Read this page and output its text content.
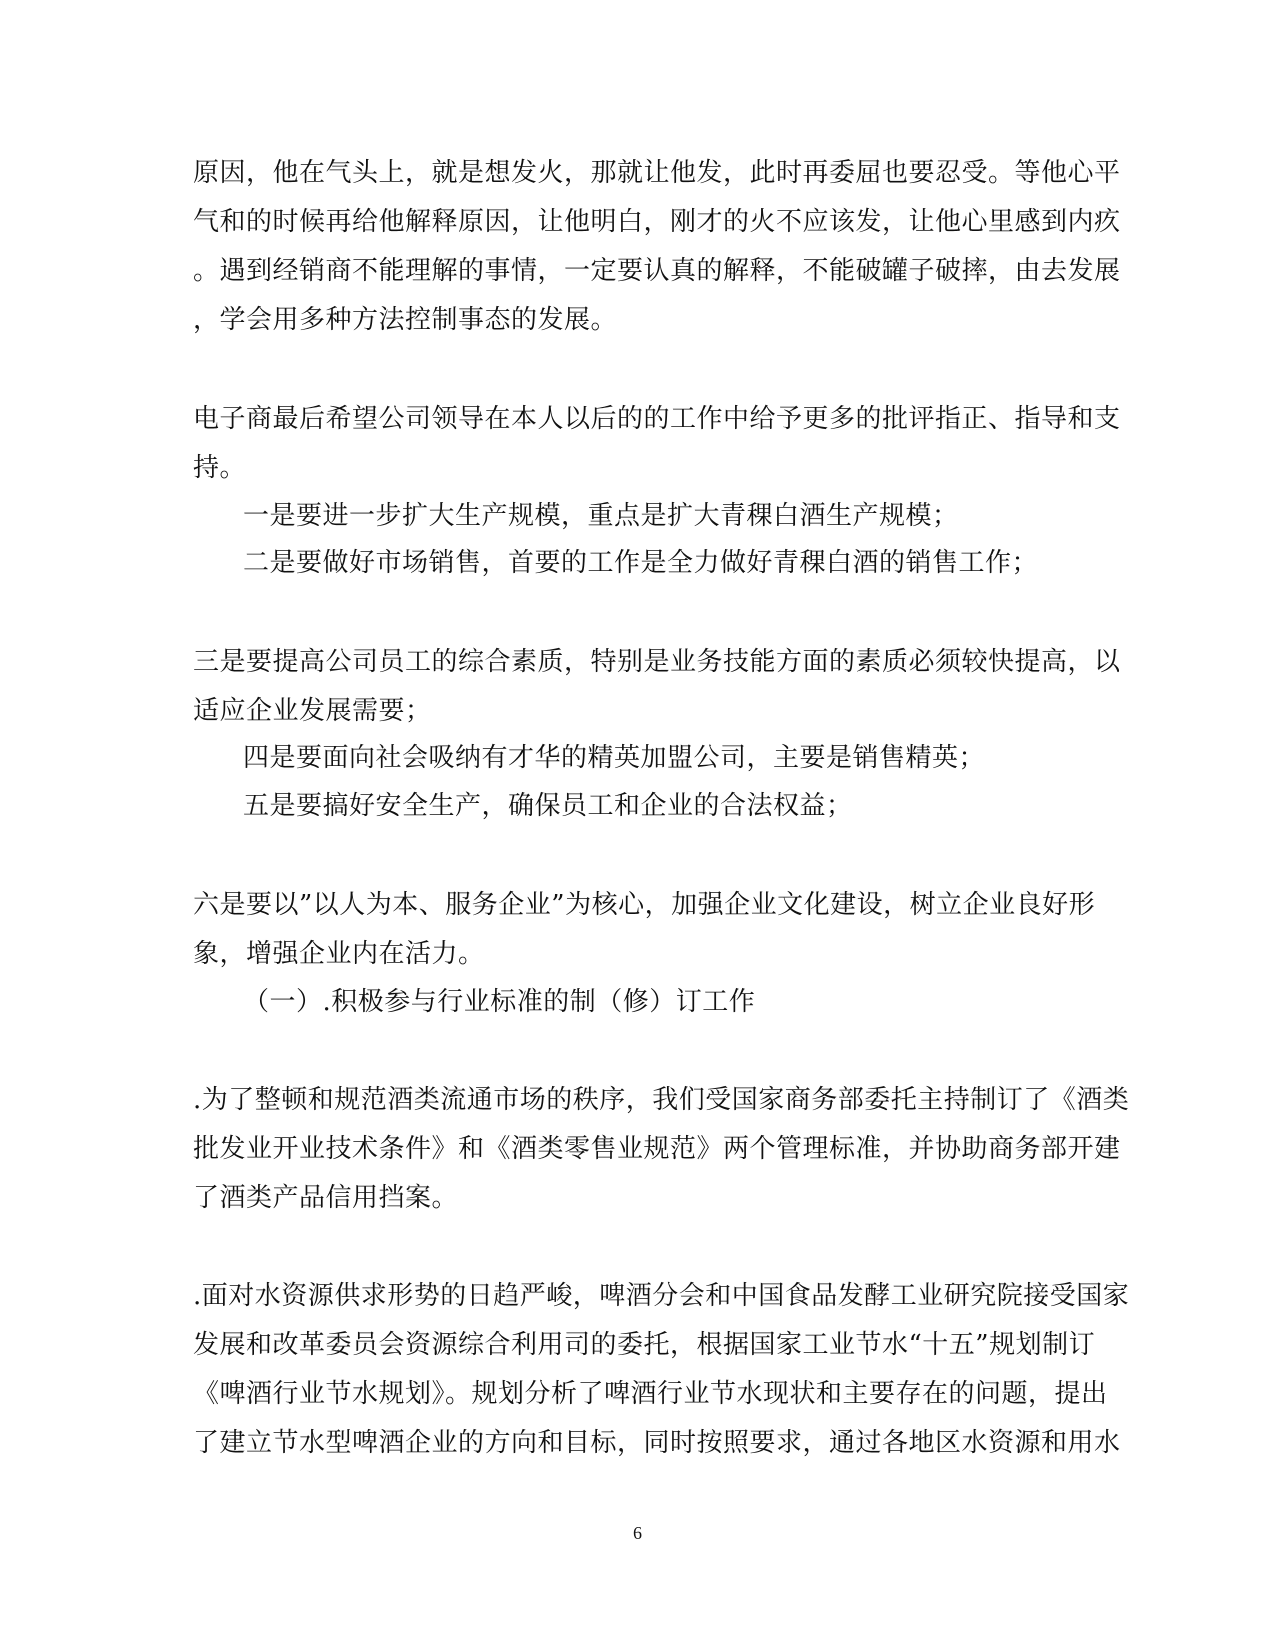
原因，他在气头上，就是想发火，那就让他发，此时再委屈也要忍受。等他心平
气和的时候再给他解释原因，让他明白，刚才的火不应该发，让他心里感到内疚
。遇到经销商不能理解的事情，一定要认真的解释，不能破罐子破摔，由去发展
，学会用多种方法控制事态的发展。
电子商最后希望公司领导在本人以后的的工作中给予更多的批评指正、指导和支
持。
一是要进一步扩大生产规模，重点是扩大青稞白酒生产规模；
二是要做好市场销售，首要的工作是全力做好青稞白酒的销售工作；
三是要提高公司员工的综合素质，特别是业务技能方面的素质必须较快提高，以
适应企业发展需要；
四是要面向社会吸纳有才华的精英加盟公司，主要是销售精英；
五是要搞好安全生产，确保员工和企业的合法权益；
六是要以”以人为本、服务企业”为核心，加强企业文化建设，树立企业良好形
象，增强企业内在活力。
（一）.积极参与行业标准的制（修）订工作
.为了整顿和规范酒类流通市场的秩序，我们受国家商务部委托主持制订了《酒类
批发业开业技术条件》和《酒类零售业规范》两个管理标准，并协助商务部开建
了酒类产品信用挡案。
.面对水资源供求形势的日趋严峻，啤酒分会和中国食品发酵工业研究院接受国家
发展和改革委员会资源综合利用司的委托，根据国家工业节水“十五”规划制订
《啤酒行业节水规划》。规划分析了啤酒行业节水现状和主要存在的问题，提出
了建立节水型啤酒企业的方向和目标，同时按照要求，通过各地区水资源和用水
6
